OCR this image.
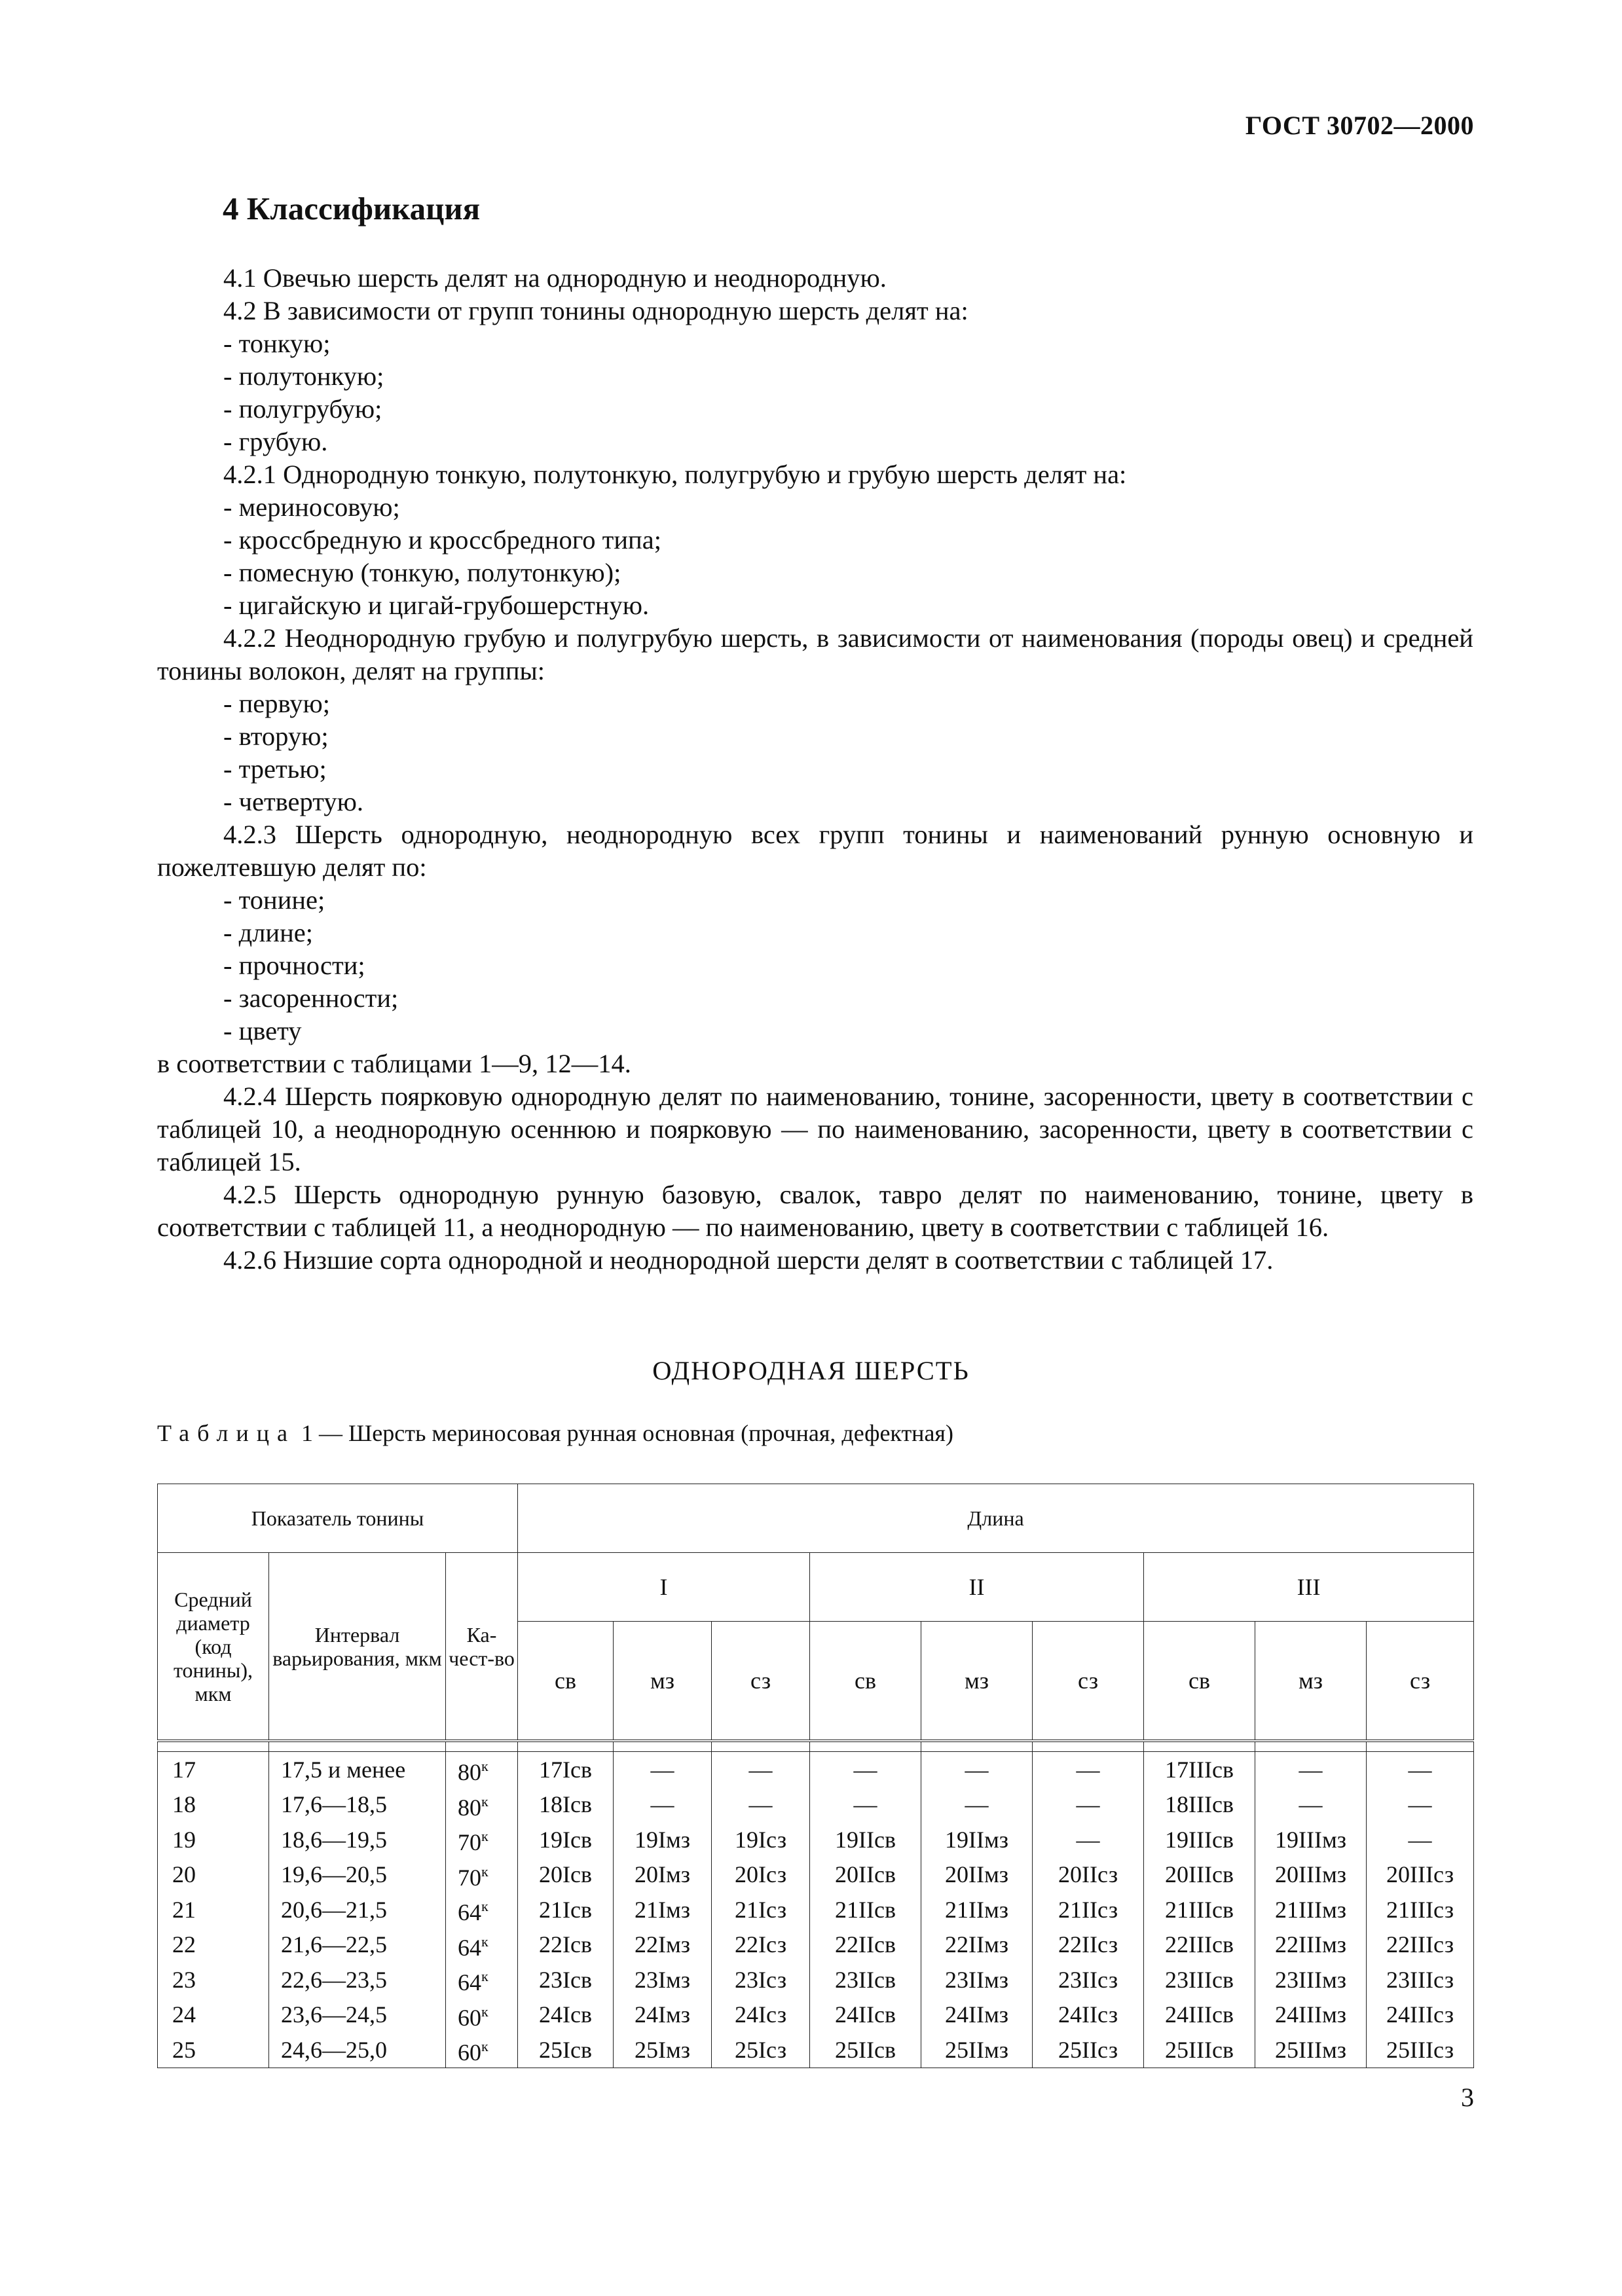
ГОСТ 30702—2000
4 Классификация

4.1 Овечью шерсть делят на однородную и неоднородную.

4.2 В зависимости от групп тонины однородную шерсть делят на:

- тонкую;

- полутонкую;

- полугрубую;

- грубую.

4.2.1 Однородную тонкую, полутонкую, полугрубую и грубую шерсть делят на:

- мериносовую;

- кроссбредную и кроссбредного типа;

- помесную (тонкую, полутонкую);

- цигайскую и цигай-грубошерстную.

4.2.2 Неоднородную грубую и полугрубую шерсть, в зависимости от наименования (породы овец) и средней тонины волокон, делят на группы:

- первую;

- вторую;

- третью;

- четвертую.

4.2.3 Шерсть однородную, неоднородную всех групп тонины и наименований рунную основную и пожелтевшую делят по:

- тонине;

- длине;

- прочности;

- засоренности;

- цвету

в соответствии с таблицами 1—9, 12—14.

4.2.4 Шерсть поярковую однородную делят по наименованию, тонине, засоренности, цвету в соответствии с таблицей 10, а неоднородную осеннюю и поярковую — по наименованию, засоренности, цвету в соответствии с таблицей 15.

4.2.5 Шерсть однородную рунную базовую, свалок, тавро делят по наименованию, тонине, цвету в соответствии с таблицей 11, а неоднородную — по наименованию, цвету в соответствии с таблицей 16.

4.2.6 Низшие сорта однородной и неоднородной шерсти делят в соответствии с таблицей 17.

ОДНОРОДНАЯ ШЕРСТЬ
Таблица 1 — Шерсть мериносовая рунная основная (прочная, дефектная)
Показатель тонины			Длина								
Средний диаметр (код тонины), мкм	Интервал варьирования, мкм	Ка-чест-во	I			II			III		
			св	мз	сз	св	мз	сз	св	мз	сз

17	17,5 и менее	$80^к$	17Iсв	—	—	—	—	—	17IIIсв	—	—
18	17,6—18,5	$80^к$	18Iсв	—	—	—	—	—	18IIIсв	—	—
19	18,6—19,5	$70^к$	19Iсв	19Iмз	19Iсз	19IIсв	19IIмз	—	19IIIсв	19IIIмз	—
20	19,6—20,5	$70^к$	20Iсв	20Iмз	20Iсз	20IIсв	20IIмз	20IIсз	20IIIсв	20IIIмз	20IIIсз
21	20,6—21,5	$64^к$	21Iсв	21Iмз	21Iсз	21IIсв	21IIмз	21IIсз	21IIIсв	21IIIмз	21IIIсз
22	21,6—22,5	$64^к$	22Iсв	22Iмз	22Iсз	22IIсв	22IIмз	22IIсз	22IIIсв	22IIIмз	22IIIсз
23	22,6—23,5	$64^к$	23Iсв	23Iмз	23Iсз	23IIсв	23IIмз	23IIсз	23IIIсв	23IIIмз	23IIIсз
24	23,6—24,5	$60^к$	24Iсв	24Iмз	24Iсз	24IIсв	24IIмз	24IIсз	24IIIсв	24IIIмз	24IIIсз
25	24,6—25,0	$60^к$	25Iсв	25Iмз	25Iсз	25IIсв	25IIмз	25IIсз	25IIIсв	25IIIмз	25IIIсз
3
